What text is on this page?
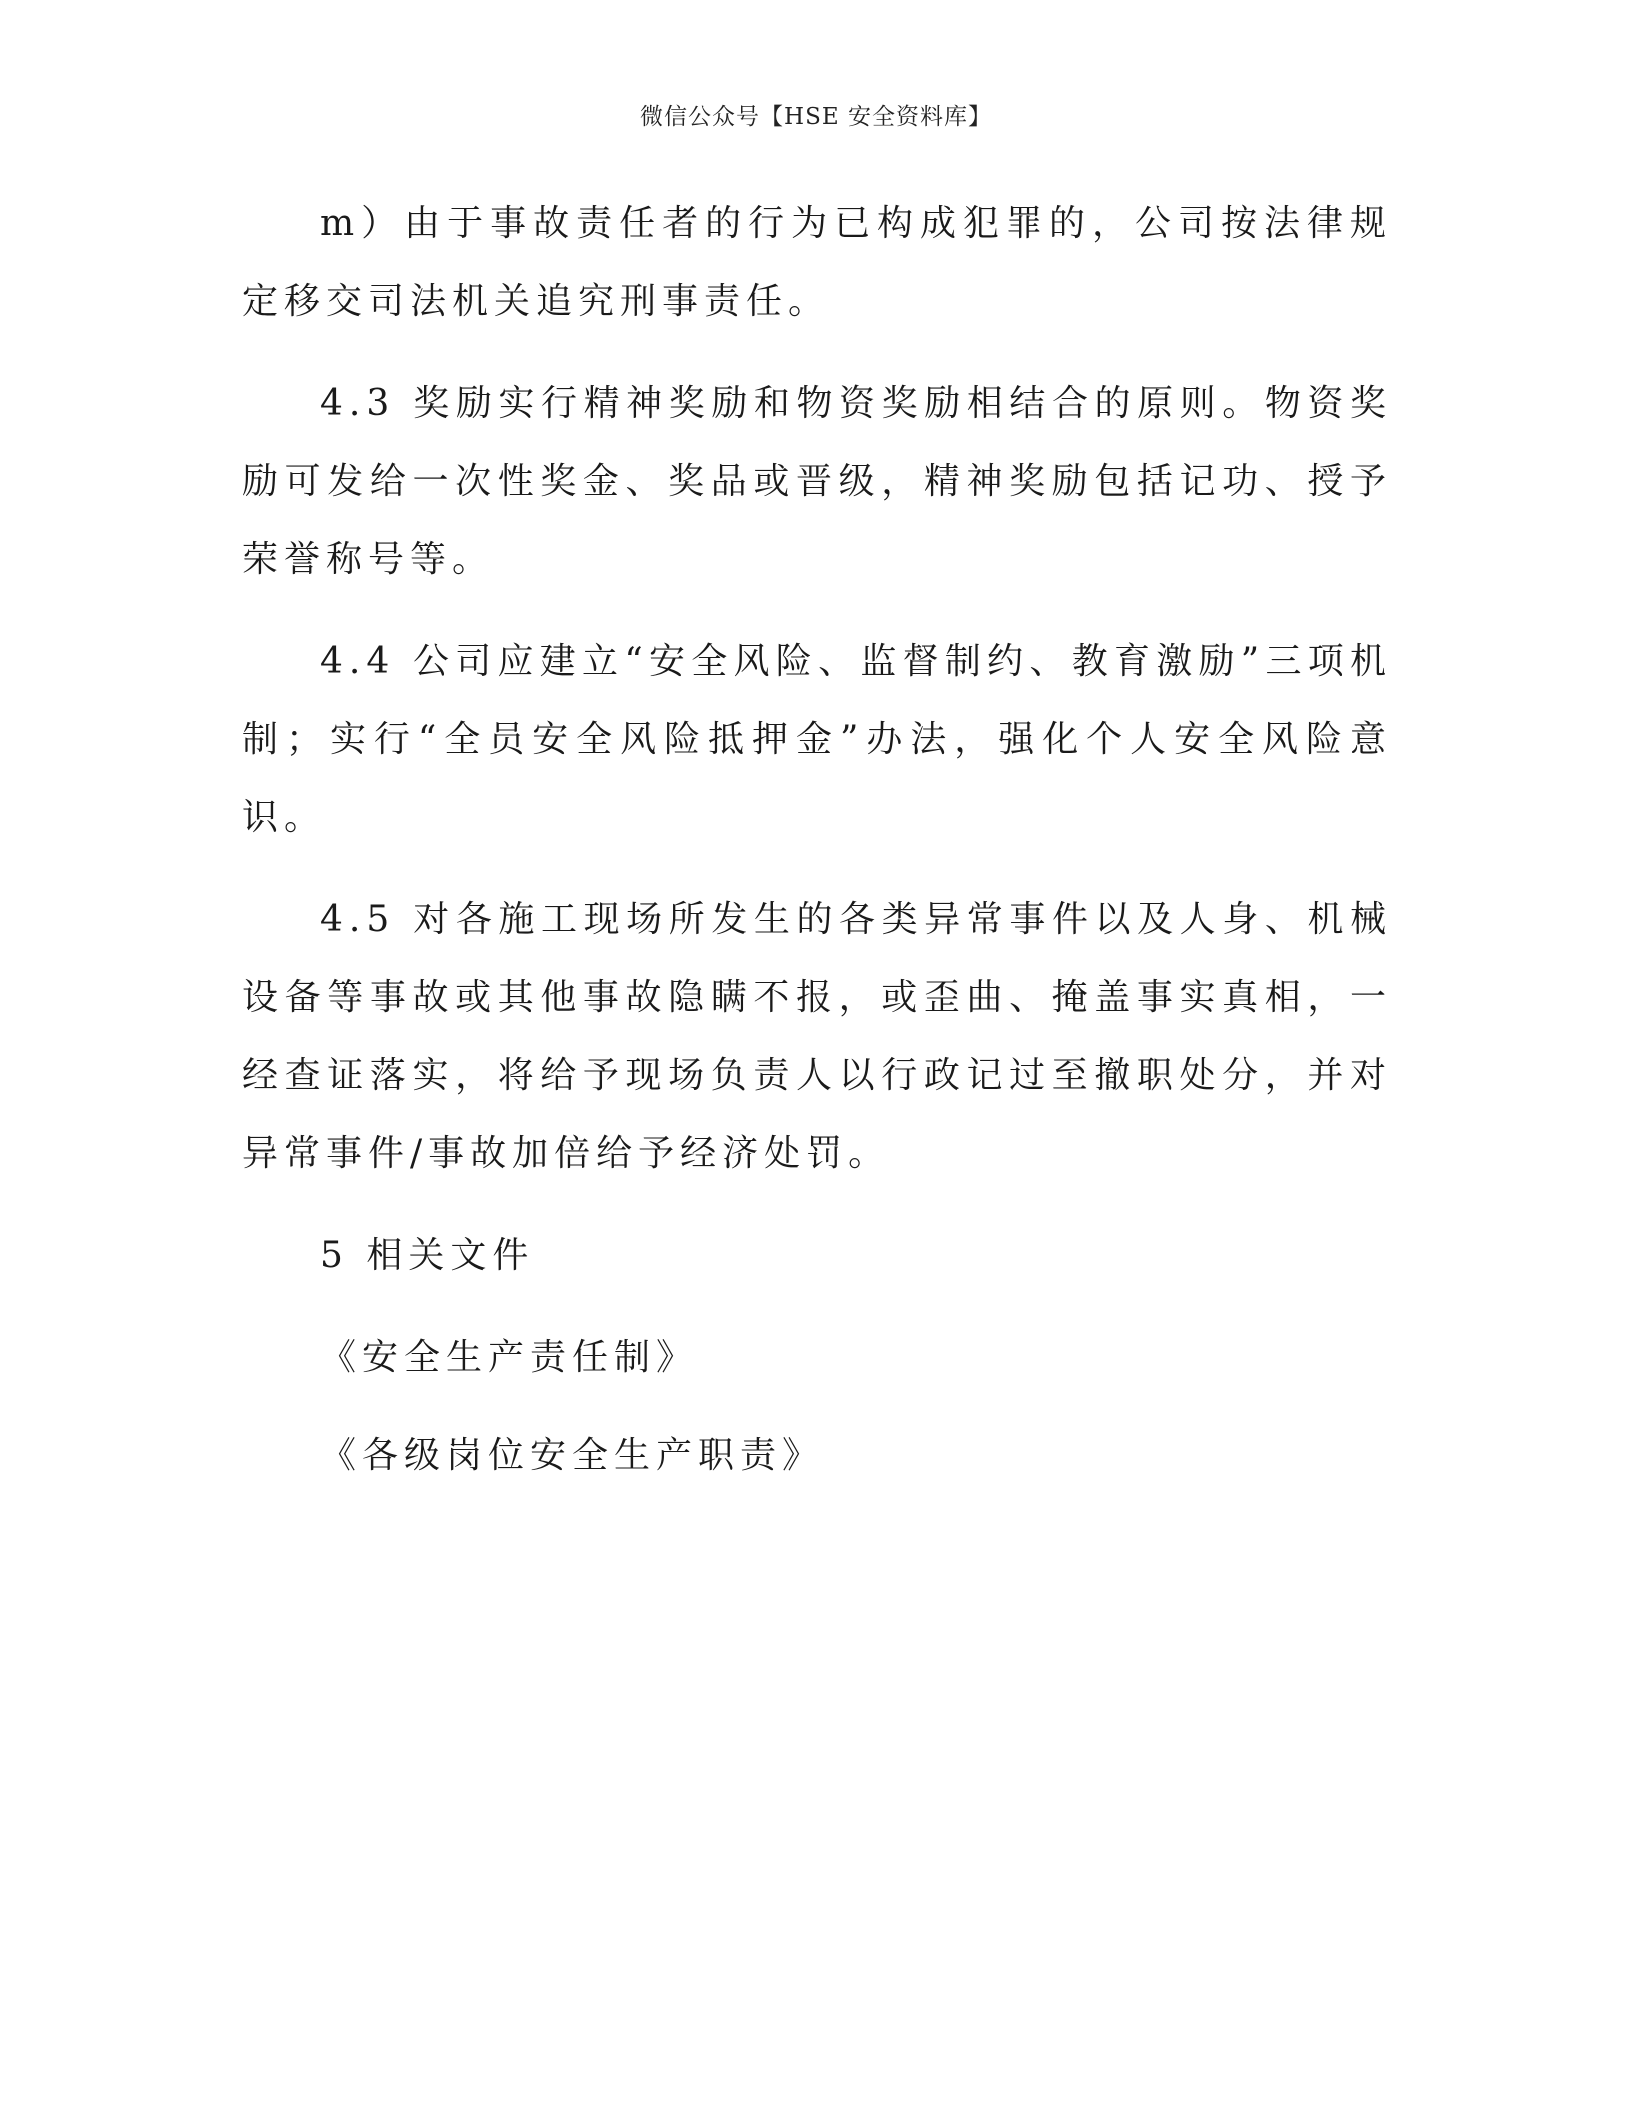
微信公众号【HSE 安全资料库】

m）由于事故责任者的行为已构成犯罪的，公司按法律规定移交司法机关追究刑事责任。

4.3 奖励实行精神奖励和物资奖励相结合的原则。物资奖励可发给一次性奖金、奖品或晋级，精神奖励包括记功、授予荣誉称号等。

4.4 公司应建立“安全风险、监督制约、教育激励”三项机制；实行“全员安全风险抵押金”办法，强化个人安全风险意识。

4.5 对各施工现场所发生的各类异常事件以及人身、机械设备等事故或其他事故隐瞒不报，或歪曲、掩盖事实真相，一经查证落实，将给予现场负责人以行政记过至撤职处分，并对异常事件/事故加倍给予经济处罚。

5 相关文件

《安全生产责任制》

《各级岗位安全生产职责》
